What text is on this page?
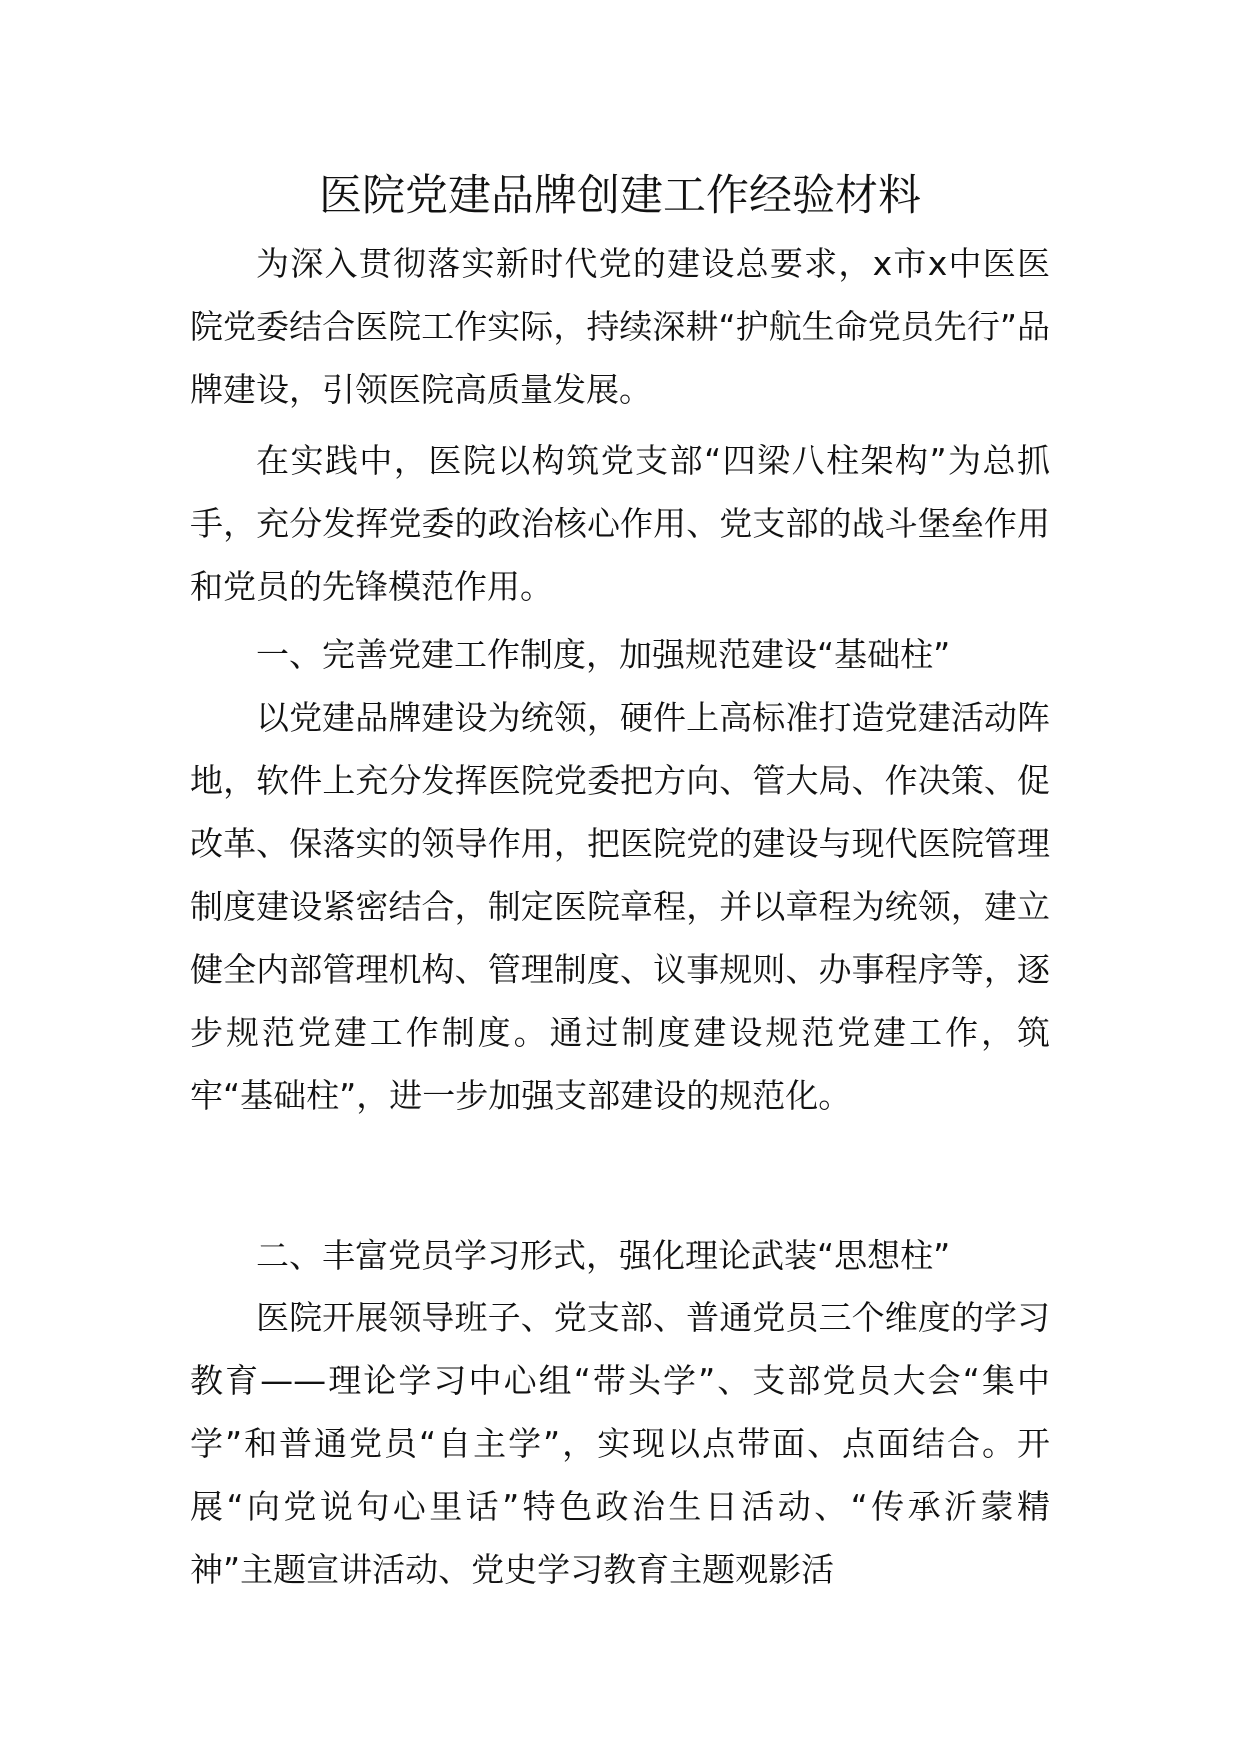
医院党建品牌创建工作经验材料

为深入贯彻落实新时代党的建设总要求，x市x中医医院党委结合医院工作实际，持续深耕“护航生命党员先行”品牌建设，引领医院高质量发展。

在实践中，医院以构筑党支部“四梁八柱架构”为总抓手，充分发挥党委的政治核心作用、党支部的战斗堡垒作用和党员的先锋模范作用。

一、完善党建工作制度，加强规范建设“基础柱”

以党建品牌建设为统领，硬件上高标准打造党建活动阵地，软件上充分发挥医院党委把方向、管大局、作决策、促改革、保落实的领导作用，把医院党的建设与现代医院管理制度建设紧密结合，制定医院章程，并以章程为统领，建立健全内部管理机构、管理制度、议事规则、办事程序等，逐步规范党建工作制度。通过制度建设规范党建工作，筑牢“基础柱”，进一步加强支部建设的规范化。

二、丰富党员学习形式，强化理论武装“思想柱”

医院开展领导班子、党支部、普通党员三个维度的学习教育——理论学习中心组“带头学”、支部党员大会“集中学”和普通党员“自主学”，实现以点带面、点面结合。开展“向党说句心里话”特色政治生日活动、“传承沂蒙精神”主题宣讲活动、党史学习教育主题观影活
